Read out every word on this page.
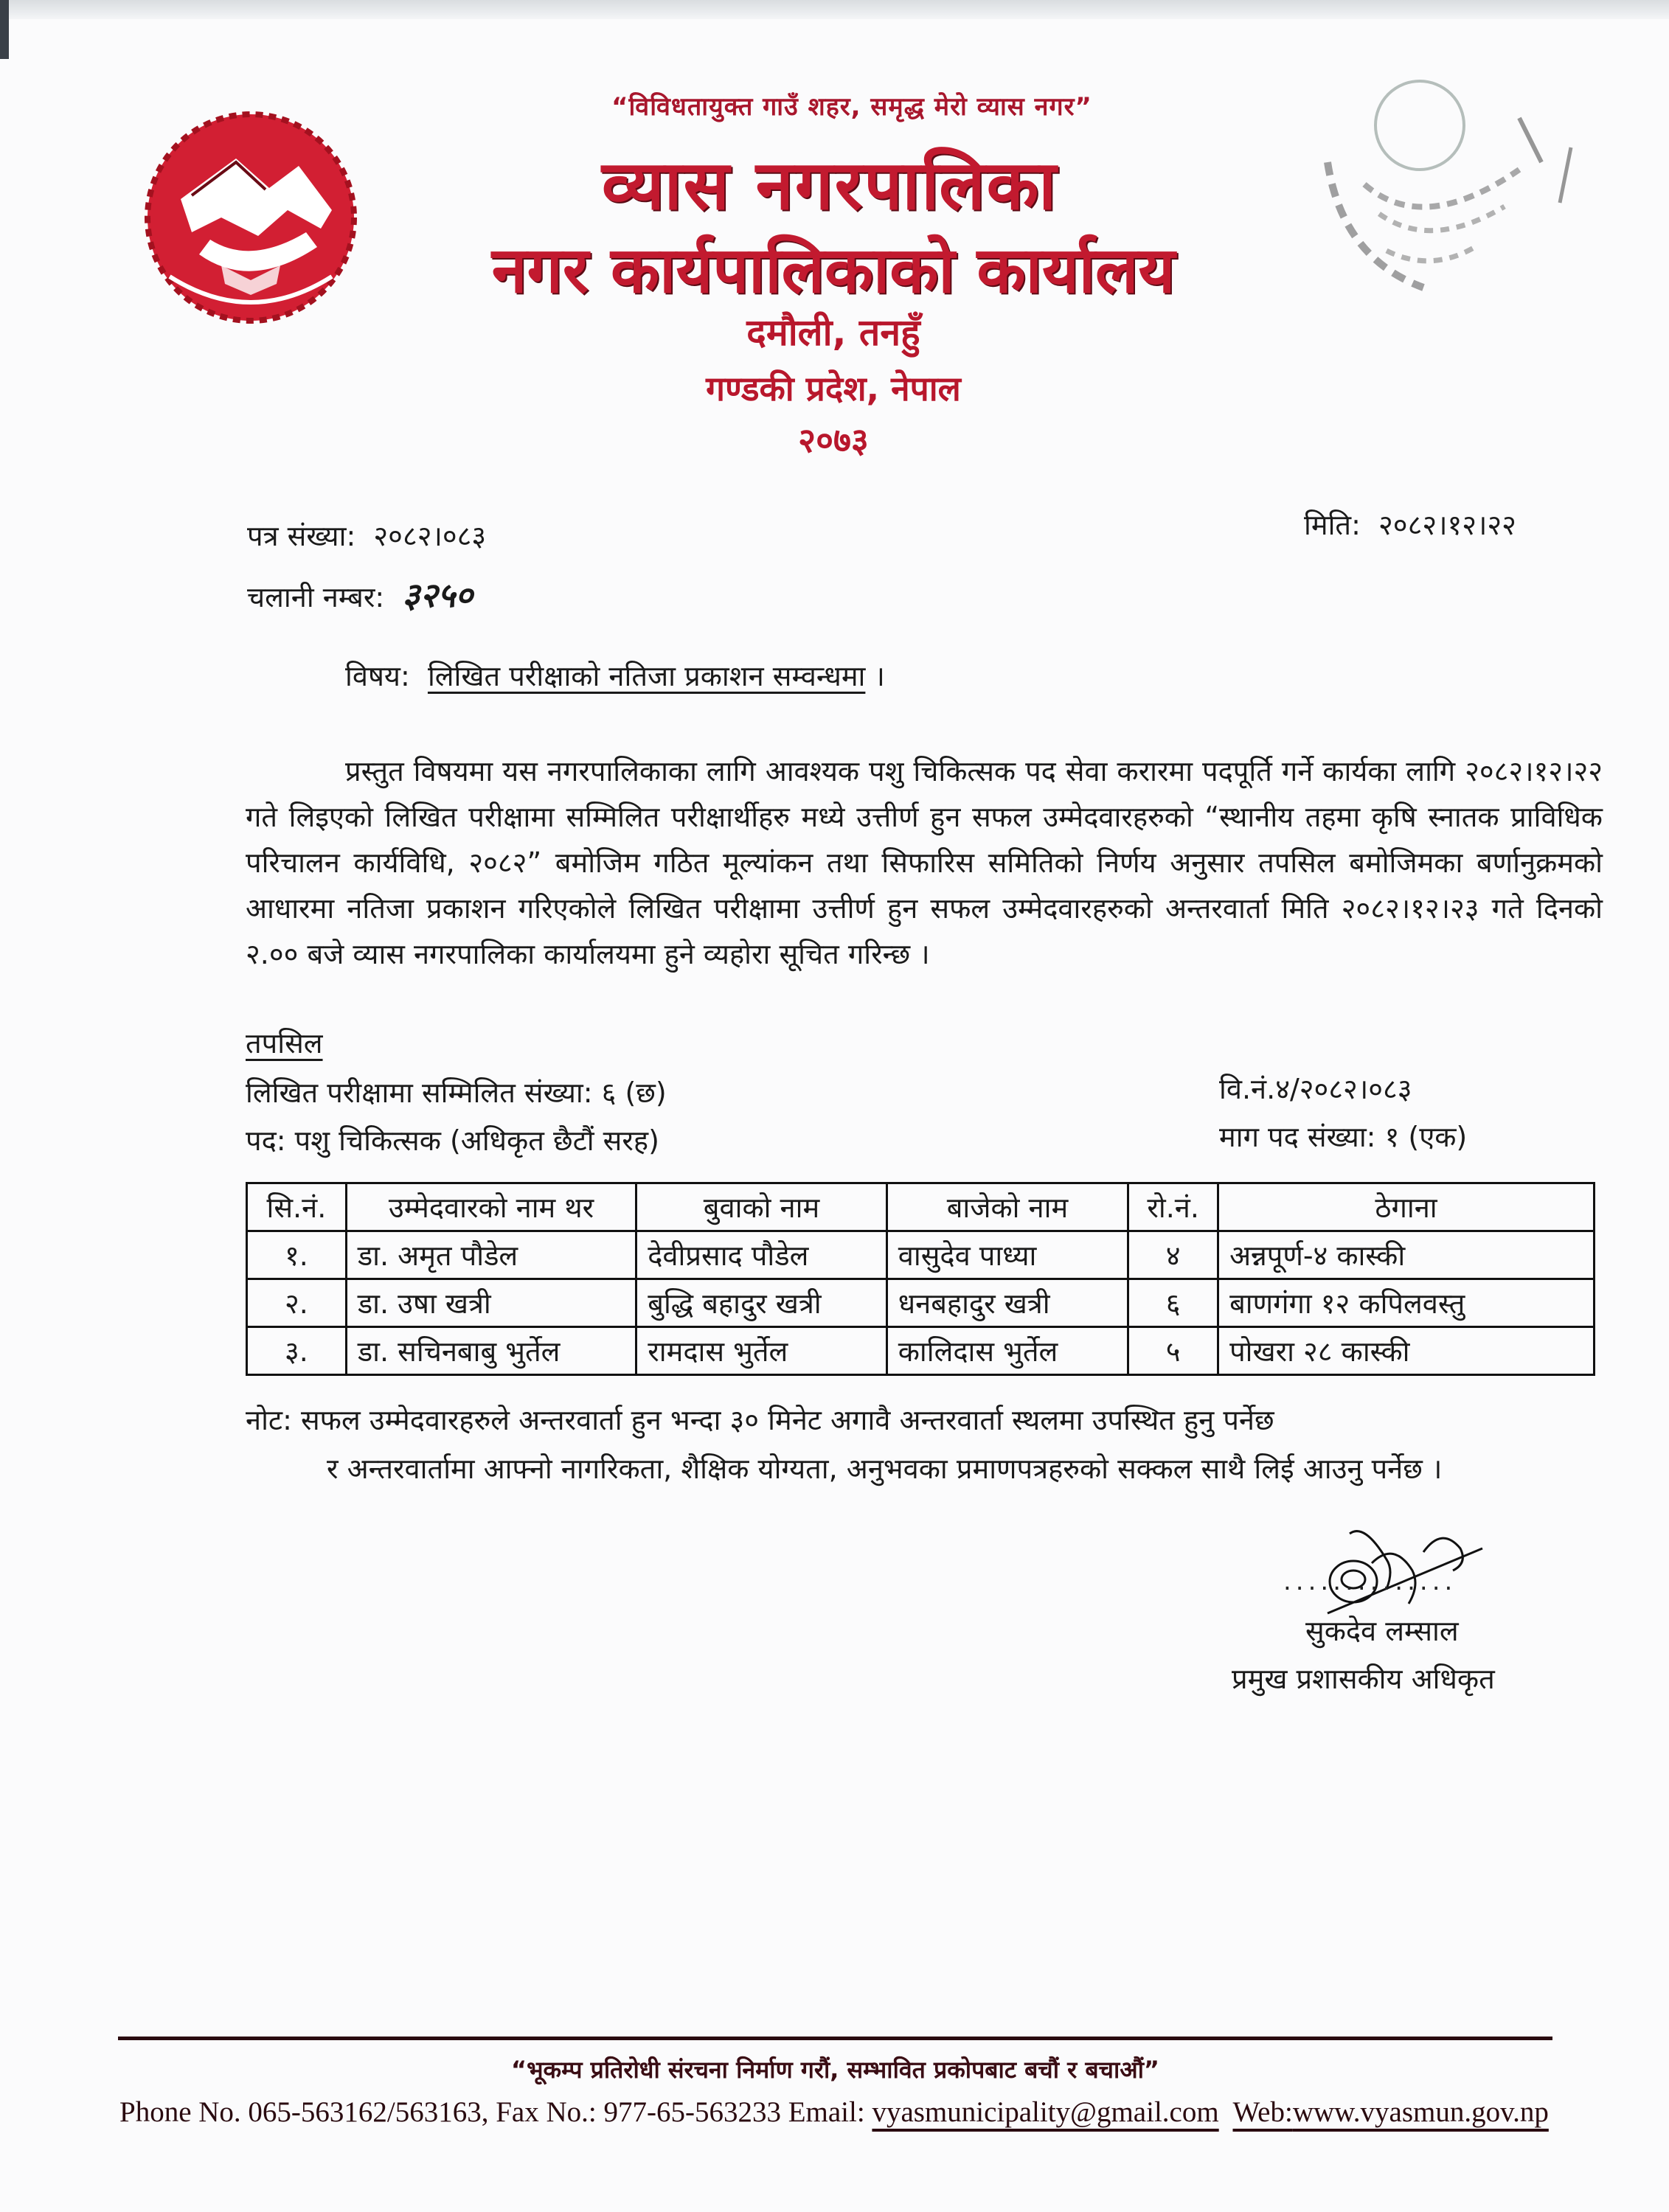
“विविधतायुक्त गाउँ शहर, समृद्ध मेरो व्यास नगर”
व्यास नगरपालिका
नगर कार्यपालिकाको कार्यालय
दमौली, तनहुँ
गण्डकी प्रदेश, नेपाल
२०७३
पत्र संख्या: २०८२।०८३
चलानी नम्बर: ३२५०
मिति: २०८२।१२।२२
विषय: लिखित परीक्षाको नतिजा प्रकाशन सम्वन्धमा ।
प्रस्तुत विषयमा यस नगरपालिकाका लागि आवश्यक पशु चिकित्सक पद सेवा करारमा पदपूर्ति गर्ने कार्यका लागि २०८२।१२।२२ गते लिइएको लिखित परीक्षामा सम्मिलित परीक्षार्थीहरु मध्ये उत्तीर्ण हुन सफल उम्मेदवारहरुको “स्थानीय तहमा कृषि स्नातक प्राविधिक परिचालन कार्यविधि, २०८२” बमोजिम गठित मूल्यांकन तथा सिफारिस समितिको निर्णय अनुसार तपसिल बमोजिमका बर्णानुक्रमको आधारमा नतिजा प्रकाशन गरिएकोले लिखित परीक्षामा उत्तीर्ण हुन सफल उम्मेदवारहरुको अन्तरवार्ता मिति २०८२।१२।२३ गते दिनको २.०० बजे व्यास नगरपालिका कार्यालयमा हुने व्यहोरा सूचित गरिन्छ ।
तपसिल
लिखित परीक्षामा सम्मिलित संख्या: ६ (छ)
पद: पशु चिकित्सक (अधिकृत छैटौं सरह)
वि.नं.४/२०८२।०८३
माग पद संख्या: १ (एक)
सि.नं.	उम्मेदवारको नाम थर	बुवाको नाम	बाजेको नाम	रो.नं.	ठेगाना
१.	डा. अमृत पौडेल	देवीप्रसाद पौडेल	वासुदेव पाध्या	४	अन्नपूर्ण-४ कास्की
२.	डा. उषा खत्री	बुद्धि बहादुर खत्री	धनबहादुर खत्री	६	बाणगंगा १२ कपिलवस्तु
३.	डा. सचिनबाबु भुर्तेल	रामदास भुर्तेल	कालिदास भुर्तेल	५	पोखरा २८ कास्की
नोट: सफल उम्मेदवारहरुले अन्तरवार्ता हुन भन्दा ३० मिनेट अगावै अन्तरवार्ता स्थलमा उपस्थित हुनु पर्नेछ
र अन्तरवार्तामा आफ्नो नागरिकता, शैक्षिक योग्यता, अनुभवका प्रमाणपत्रहरुको सक्कल साथै लिई आउनु पर्नेछ ।
..............
सुकदेव लम्साल
प्रमुख प्रशासकीय अधिकृत
“भूकम्प प्रतिरोधी संरचना निर्माण गरौं, सम्भावित प्रकोपबाट बचौं र बचाऔं”
Phone No. 065-563162/563163, Fax No.: 977-65-563233 Email: vyasmunicipality@gmail.com Web:www.vyasmun.gov.np
